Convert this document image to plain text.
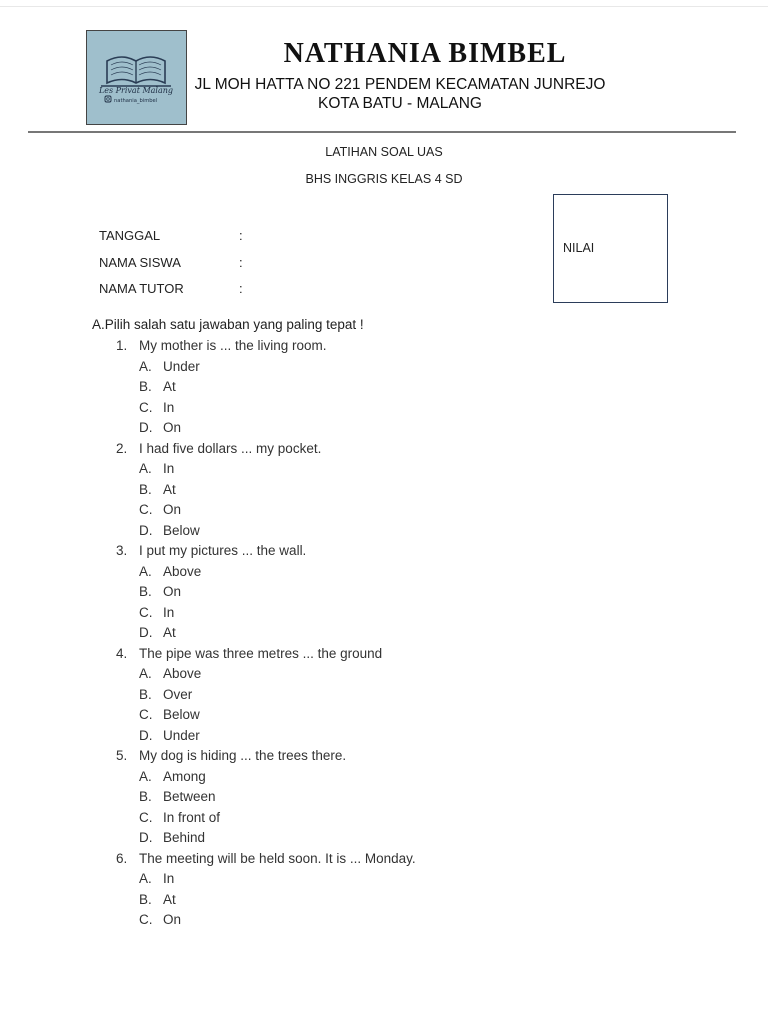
Les Privat Malang
nathania_bimbel
NATHANIA BIMBEL
JL MOH HATTA NO 221 PENDEM KECAMATAN JUNREJO
KOTA BATU - MALANG
LATIHAN SOAL UAS
BHS INGGRIS KELAS 4 SD
TANGGAL	:
NAMA SISWA	:
NAMA TUTOR	:
NILAI
A.Pilih salah satu jawaban yang paling tepat !
1. My mother is ... the living room.
A. Under
B. At
C. In
D. On
2. I had five dollars ... my pocket.
A. In
B. At
C. On
D. Below
3. I put my pictures ... the wall.
A. Above
B. On
C. In
D. At
4. The pipe was three metres ... the ground
A. Above
B. Over
C. Below
D. Under
5. My dog is hiding ... the trees there.
A. Among
B. Between
C. In front of
D. Behind
6. The meeting will be held soon. It is ... Monday.
A. In
B. At
C. On
